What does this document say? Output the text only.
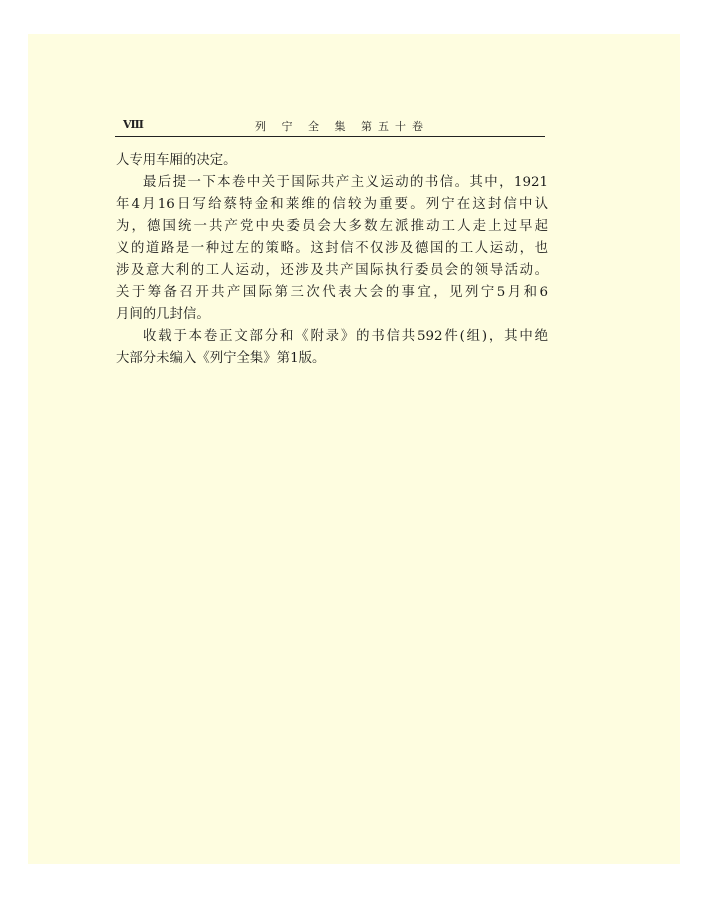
Ⅷ	列 宁 全 集 第五十卷
人专用车厢的决定。
最后提一下本卷中关于国际共产主义运动的书信。其中，1921
年4月16日写给蔡特金和莱维的信较为重要。列宁在这封信中认
为，德国统一共产党中央委员会大多数左派推动工人走上过早起
义的道路是一种过左的策略。这封信不仅涉及德国的工人运动，也
涉及意大利的工人运动，还涉及共产国际执行委员会的领导活动。
关于筹备召开共产国际第三次代表大会的事宜，见列宁5月和6
月间的几封信。
收载于本卷正文部分和《附录》的书信共592件(组)，其中绝
大部分未编入《列宁全集》第1版。
